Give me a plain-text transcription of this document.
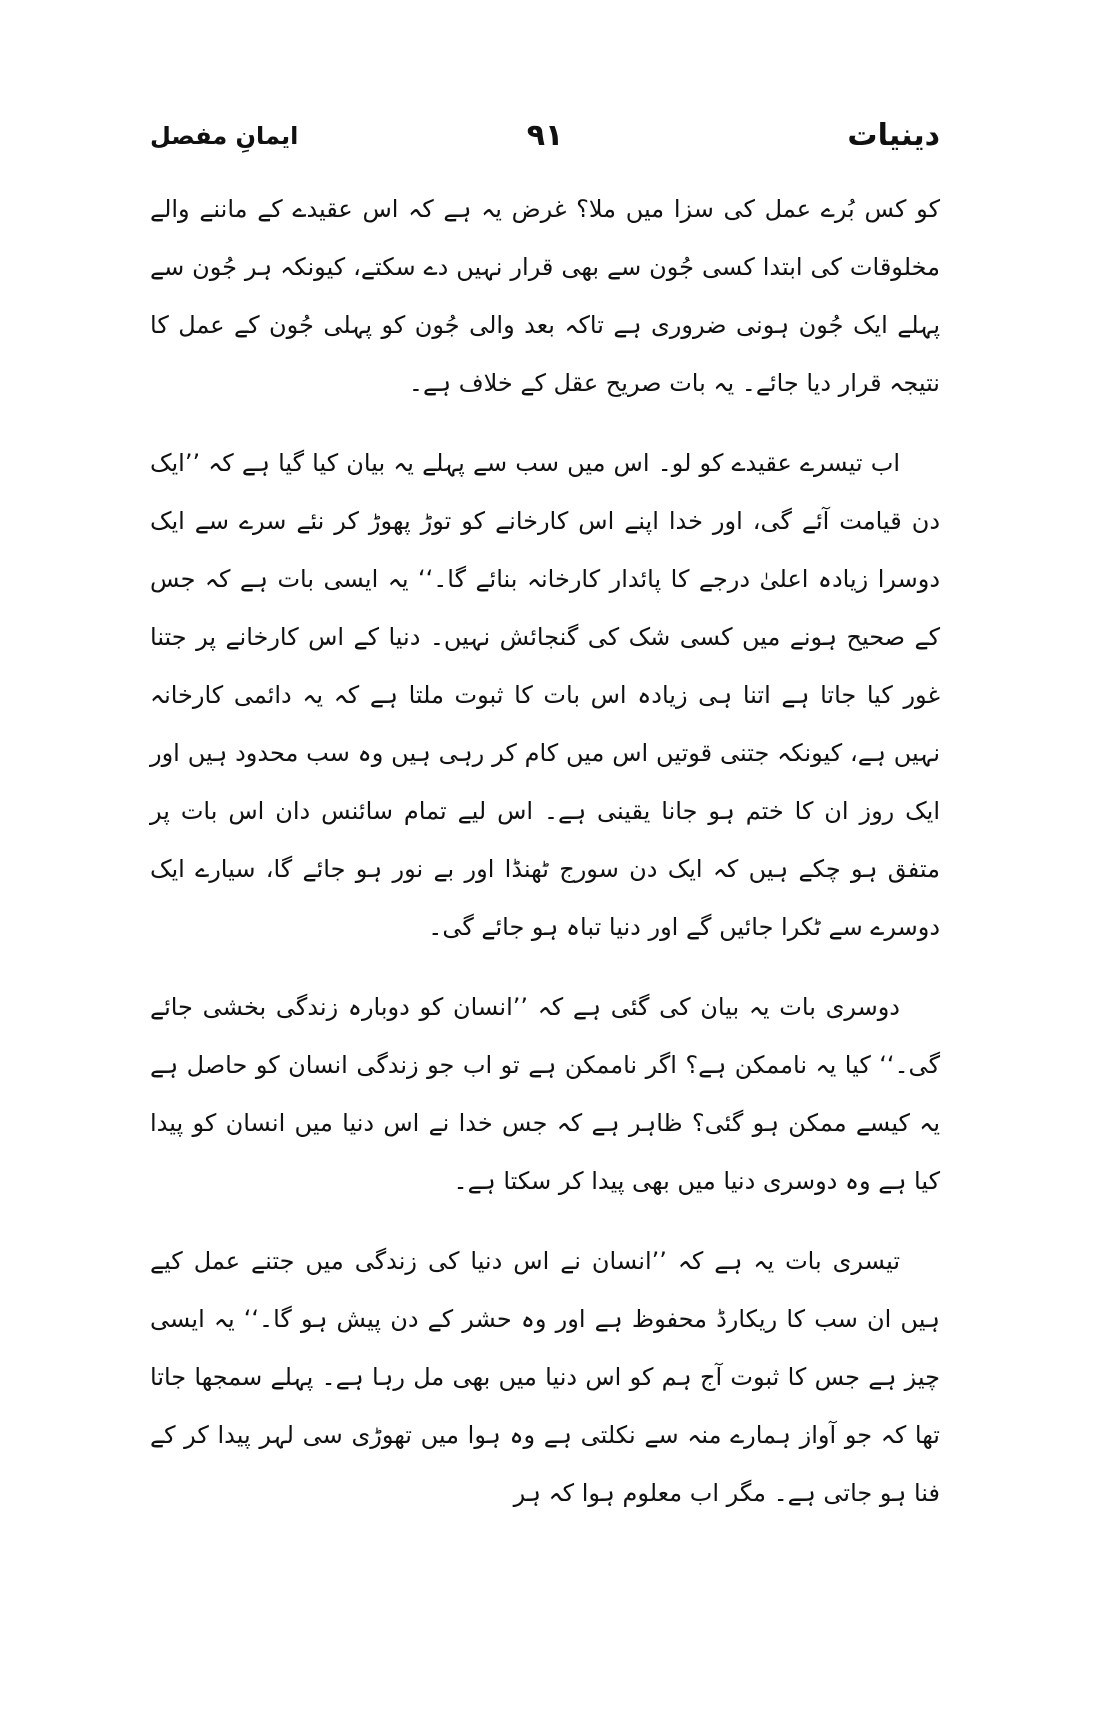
دینیات
۹۱
ایمانِ مفصل

کو کس بُرے عمل کی سزا میں ملا؟ غرض یہ ہے کہ اس عقیدے کے ماننے والے مخلوقات کی ابتدا کسی جُون سے بھی قرار نہیں دے سکتے، کیونکہ ہر جُون سے پہلے ایک جُون ہونی ضروری ہے تاکہ بعد والی جُون کو پہلی جُون کے عمل کا نتیجہ قرار دیا جائے۔ یہ بات صریح عقل کے خلاف ہے۔

اب تیسرے عقیدے کو لو۔ اس میں سب سے پہلے یہ بیان کیا گیا ہے کہ ’’ایک دن قیامت آئے گی، اور خدا اپنے اس کارخانے کو توڑ پھوڑ کر نئے سرے سے ایک دوسرا زیادہ اعلیٰ درجے کا پائدار کارخانہ بنائے گا۔‘‘ یہ ایسی بات ہے کہ جس کے صحیح ہونے میں کسی شک کی گنجائش نہیں۔ دنیا کے اس کارخانے پر جتنا غور کیا جاتا ہے اتنا ہی زیادہ اس بات کا ثبوت ملتا ہے کہ یہ دائمی کارخانہ نہیں ہے، کیونکہ جتنی قوتیں اس میں کام کر رہی ہیں وہ سب محدود ہیں اور ایک روز ان کا ختم ہو جانا یقینی ہے۔ اس لیے تمام سائنس دان اس بات پر متفق ہو چکے ہیں کہ ایک دن سورج ٹھنڈا اور بے نور ہو جائے گا، سیارے ایک دوسرے سے ٹکرا جائیں گے اور دنیا تباہ ہو جائے گی۔

دوسری بات یہ بیان کی گئی ہے کہ ’’انسان کو دوبارہ زندگی بخشی جائے گی۔‘‘ کیا یہ ناممکن ہے؟ اگر ناممکن ہے تو اب جو زندگی انسان کو حاصل ہے یہ کیسے ممکن ہو گئی؟ ظاہر ہے کہ جس خدا نے اس دنیا میں انسان کو پیدا کیا ہے وہ دوسری دنیا میں بھی پیدا کر سکتا ہے۔

تیسری بات یہ ہے کہ ’’انسان نے اس دنیا کی زندگی میں جتنے عمل کیے ہیں ان سب کا ریکارڈ محفوظ ہے اور وہ حشر کے دن پیش ہو گا۔‘‘ یہ ایسی چیز ہے جس کا ثبوت آج ہم کو اس دنیا میں بھی مل رہا ہے۔ پہلے سمجھا جاتا تھا کہ جو آواز ہمارے منہ سے نکلتی ہے وہ ہوا میں تھوڑی سی لہر پیدا کر کے فنا ہو جاتی ہے۔ مگر اب معلوم ہوا کہ ہر
